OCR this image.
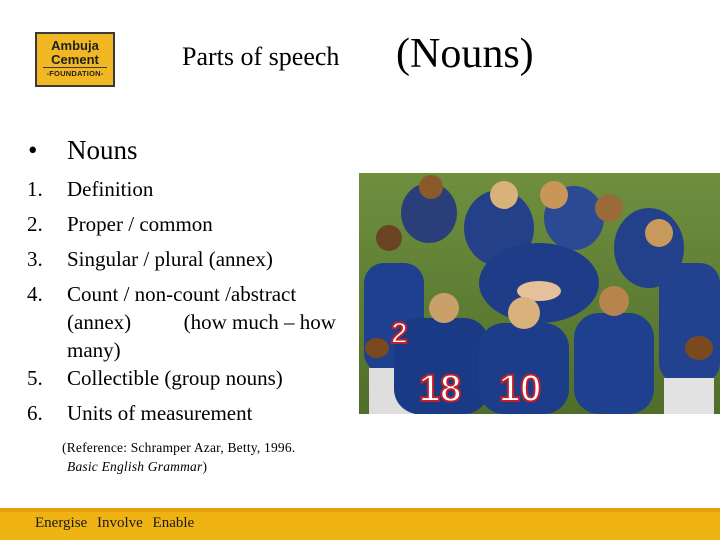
Ambuja
Cement
-FOUNDATION-
Parts of speech (Nouns)
• Nouns
1.	Definition
2.	Proper / common
3.	Singular / plural (annex)
4.	Count / non-count /abstract (annex)          (how much – how many)
5.	Collectible (group nouns)
6.	Units of measurement
(Reference: Schramper Azar, Betty, 1996.
Basic English Grammar)
18 10
2
Energise Involve Enable
